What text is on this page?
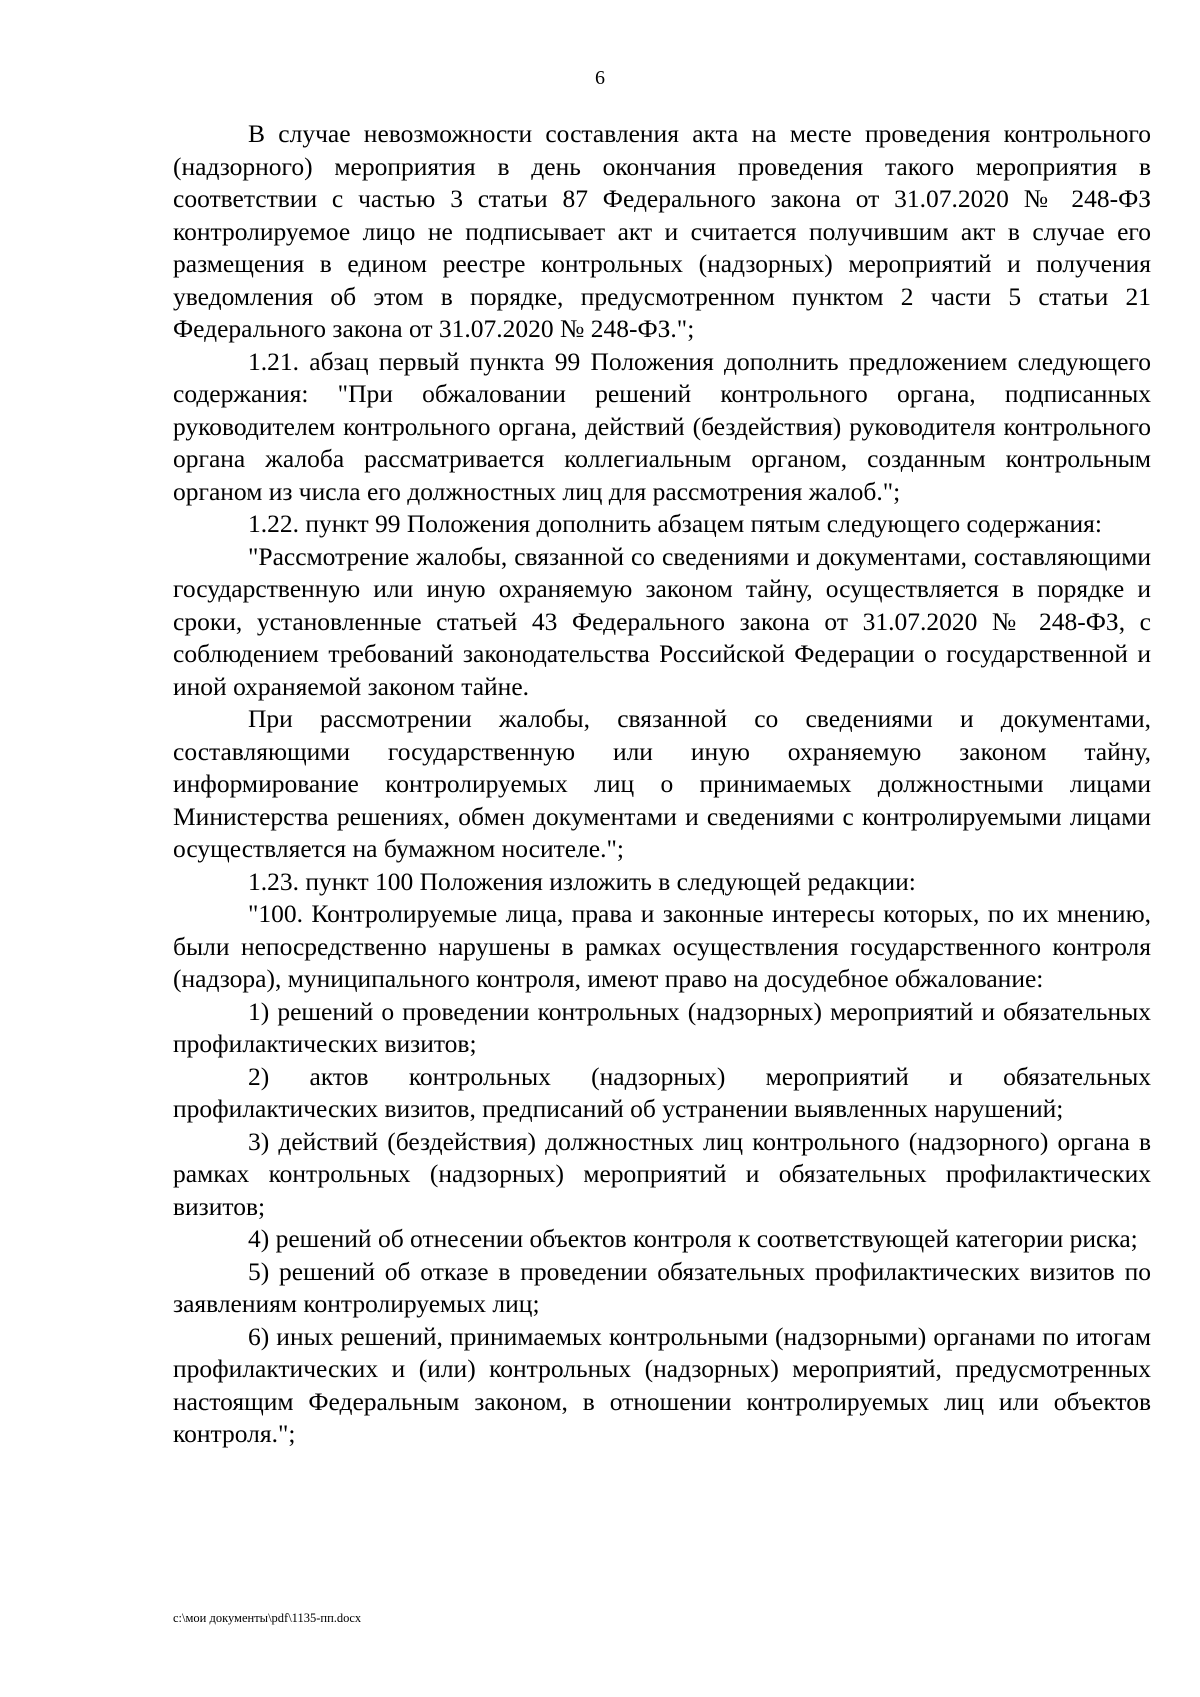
6

В случае невозможности составления акта на месте проведения контрольного (надзорного) мероприятия в день окончания проведения такого мероприятия в соответствии с частью 3 статьи 87 Федерального закона от 31.07.2020 № 248-ФЗ контролируемое лицо не подписывает акт и считается получившим акт в случае его размещения в едином реестре контрольных (надзорных) мероприятий и получения уведомления об этом в порядке, предусмотренном пунктом 2 части 5 статьи 21 Федерального закона от 31.07.2020 № 248-ФЗ.";

1.21. абзац первый пункта 99 Положения дополнить предложением следующего содержания: "При обжаловании решений контрольного органа, подписанных руководителем контрольного органа, действий (бездействия) руководителя контрольного органа жалоба рассматривается коллегиальным органом, созданным контрольным органом из числа его должностных лиц для рассмотрения жалоб.";

1.22. пункт 99 Положения дополнить абзацем пятым следующего содержания:

"Рассмотрение жалобы, связанной со сведениями и документами, составляющими государственную или иную охраняемую законом тайну, осуществляется в порядке и сроки, установленные статьей 43 Федерального закона от 31.07.2020 № 248-ФЗ, с соблюдением требований законодательства Российской Федерации о государственной и иной охраняемой законом тайне.

При рассмотрении жалобы, связанной со сведениями и документами, составляющими государственную или иную охраняемую законом тайну, информирование контролируемых лиц о принимаемых должностными лицами Министерства решениях, обмен документами и сведениями с контролируемыми лицами осуществляется на бумажном носителе.";

1.23. пункт 100 Положения изложить в следующей редакции:

"100. Контролируемые лица, права и законные интересы которых, по их мнению, были непосредственно нарушены в рамках осуществления государственного контроля (надзора), муниципального контроля, имеют право на досудебное обжалование:

1) решений о проведении контрольных (надзорных) мероприятий и обязательных профилактических визитов;

2) актов контрольных (надзорных) мероприятий и обязательных профилактических визитов, предписаний об устранении выявленных нарушений;

3) действий (бездействия) должностных лиц контрольного (надзорного) органа в рамках контрольных (надзорных) мероприятий и обязательных профилактических визитов;

4) решений об отнесении объектов контроля к соответствующей категории риска;

5) решений об отказе в проведении обязательных профилактических визитов по заявлениям контролируемых лиц;

6) иных решений, принимаемых контрольными (надзорными) органами по итогам профилактических и (или) контрольных (надзорных) мероприятий, предусмотренных настоящим Федеральным законом, в отношении контролируемых лиц или объектов контроля.";

c:\мои документы\pdf\1135-пп.docx
